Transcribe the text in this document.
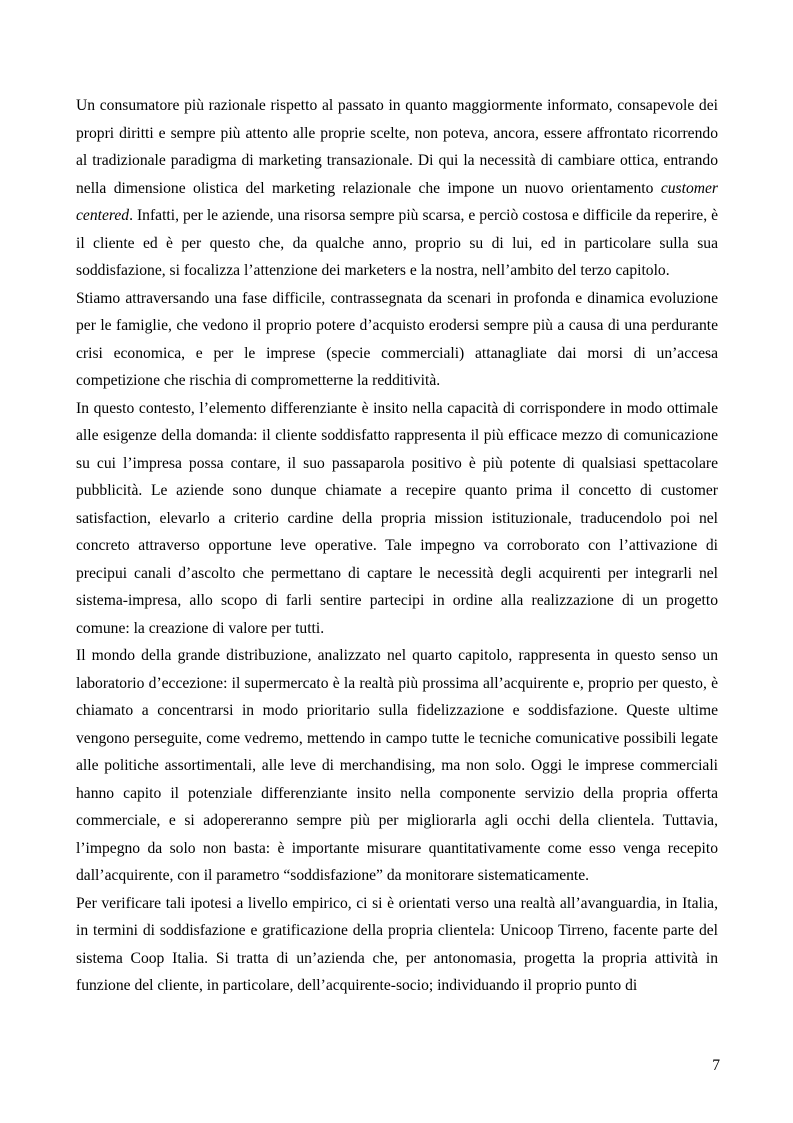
Un consumatore più razionale rispetto al passato in quanto maggiormente informato, consapevole dei propri diritti e sempre più attento alle proprie scelte, non poteva, ancora, essere affrontato ricorrendo al tradizionale paradigma di marketing transazionale. Di qui la necessità di cambiare ottica, entrando nella dimensione olistica del marketing relazionale che impone un nuovo orientamento customer centered. Infatti, per le aziende, una risorsa sempre più scarsa, e perciò costosa e difficile da reperire, è il cliente ed è per questo che, da qualche anno, proprio su di lui, ed in particolare sulla sua soddisfazione, si focalizza l’attenzione dei marketers e la nostra, nell’ambito del terzo capitolo.

Stiamo attraversando una fase difficile, contrassegnata da scenari in profonda e dinamica evoluzione per le famiglie, che vedono il proprio potere d’acquisto erodersi sempre più a causa di una perdurante crisi economica, e per le imprese (specie commerciali) attanagliate dai morsi di un’accesa competizione che rischia di comprometterne la redditività.

In questo contesto, l’elemento differenziante è insito nella capacità di corrispondere in modo ottimale alle esigenze della domanda: il cliente soddisfatto rappresenta il più efficace mezzo di comunicazione su cui l’impresa possa contare, il suo passaparola positivo è più potente di qualsiasi spettacolare pubblicità. Le aziende sono dunque chiamate a recepire quanto prima il concetto di customer satisfaction, elevarlo a criterio cardine della propria mission istituzionale, traducendolo poi nel concreto attraverso opportune leve operative. Tale impegno va corroborato con l’attivazione di precipui canali d’ascolto che permettano di captare le necessità degli acquirenti per integrarli nel sistema-impresa, allo scopo di farli sentire partecipi in ordine alla realizzazione di un progetto comune: la creazione di valore per tutti.

Il mondo della grande distribuzione, analizzato nel quarto capitolo, rappresenta in questo senso un laboratorio d’eccezione: il supermercato è la realtà più prossima all’acquirente e, proprio per questo, è chiamato a concentrarsi in modo prioritario sulla fidelizzazione e soddisfazione. Queste ultime vengono perseguite, come vedremo, mettendo in campo tutte le tecniche comunicative possibili legate alle politiche assortimentali, alle leve di merchandising, ma non solo. Oggi le imprese commerciali hanno capito il potenziale differenziante insito nella componente servizio della propria offerta commerciale, e si adopereranno sempre più per migliorarla agli occhi della clientela. Tuttavia, l’impegno da solo non basta: è importante misurare quantitativamente come esso venga recepito dall’acquirente, con il parametro “soddisfazione” da monitorare sistematicamente.

Per verificare tali ipotesi a livello empirico, ci si è orientati verso una realtà all’avanguardia, in Italia, in termini di soddisfazione e gratificazione della propria clientela: Unicoop Tirreno, facente parte del sistema Coop Italia. Si tratta di un’azienda che, per antonomasia, progetta la propria attività in funzione del cliente, in particolare, dell’acquirente-socio; individuando il proprio punto di

7
